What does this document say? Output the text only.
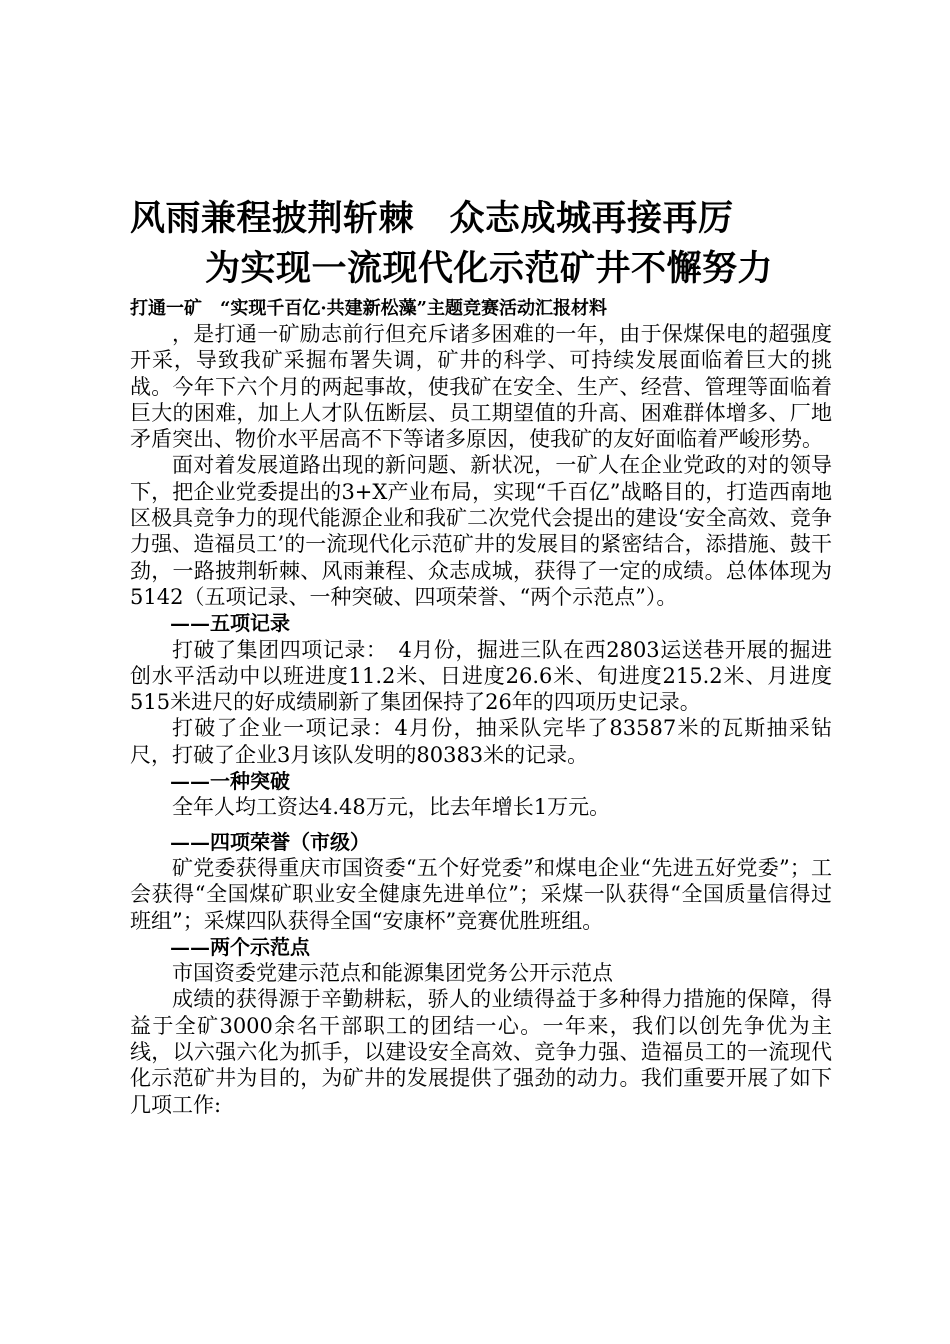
风雨兼程披荆斩棘　众志成城再接再厉
为实现一流现代化示范矿井不懈努力
打通一矿　“实现千百亿·共建新松藻”主题竞赛活动汇报材料

，是打通一矿励志前行但充斥诸多困难的一年，由于保煤保电的超强度开采，导致我矿采掘布署失调，矿井的科学、可持续发展面临着巨大的挑战。今年下六个月的两起事故，使我矿在安全、生产、经营、管理等面临着巨大的困难，加上人才队伍断层、员工期望值的升高、困难群体增多、厂地矛盾突出、物价水平居高不下等诸多原因，使我矿的友好面临着严峻形势。

面对着发展道路出现的新问题、新状况，一矿人在企业党政的对的领导下，把企业党委提出的3+X产业布局，实现“千百亿”战略目的，打造西南地区极具竞争力的现代能源企业和我矿二次党代会提出的建设‘安全高效、竞争力强、造福员工’的一流现代化示范矿井的发展目的紧密结合，添措施、鼓干劲，一路披荆斩棘、风雨兼程、众志成城，获得了一定的成绩。总体体现为5142（五项记录、一种突破、四项荣誉、“两个示范点”）。

——五项记录

打破了集团四项记录：　4月份，掘进三队在西2803运送巷开展的掘进创水平活动中以班进度11.2米、日进度26.6米、旬进度215.2米、月进度515米进尺的好成绩刷新了集团保持了26年的四项历史记录。

打破了企业一项记录：4月份，抽采队完毕了83587米的瓦斯抽采钻尺，打破了企业3月该队发明的80383米的记录。

——一种突破

全年人均工资达4.48万元，比去年增长1万元。

——四项荣誉（市级）

矿党委获得重庆市国资委“五个好党委”和煤电企业“先进五好党委”；工会获得“全国煤矿职业安全健康先进单位”；采煤一队获得“全国质量信得过班组”；采煤四队获得全国“安康杯”竞赛优胜班组。

——两个示范点

市国资委党建示范点和能源集团党务公开示范点

成绩的获得源于辛勤耕耘，骄人的业绩得益于多种得力措施的保障，得益于全矿3000余名干部职工的团结一心。一年来，我们以创先争优为主线，以六强六化为抓手，以建设安全高效、竞争力强、造福员工的一流现代化示范矿井为目的，为矿井的发展提供了强劲的动力。我们重要开展了如下几项工作:
